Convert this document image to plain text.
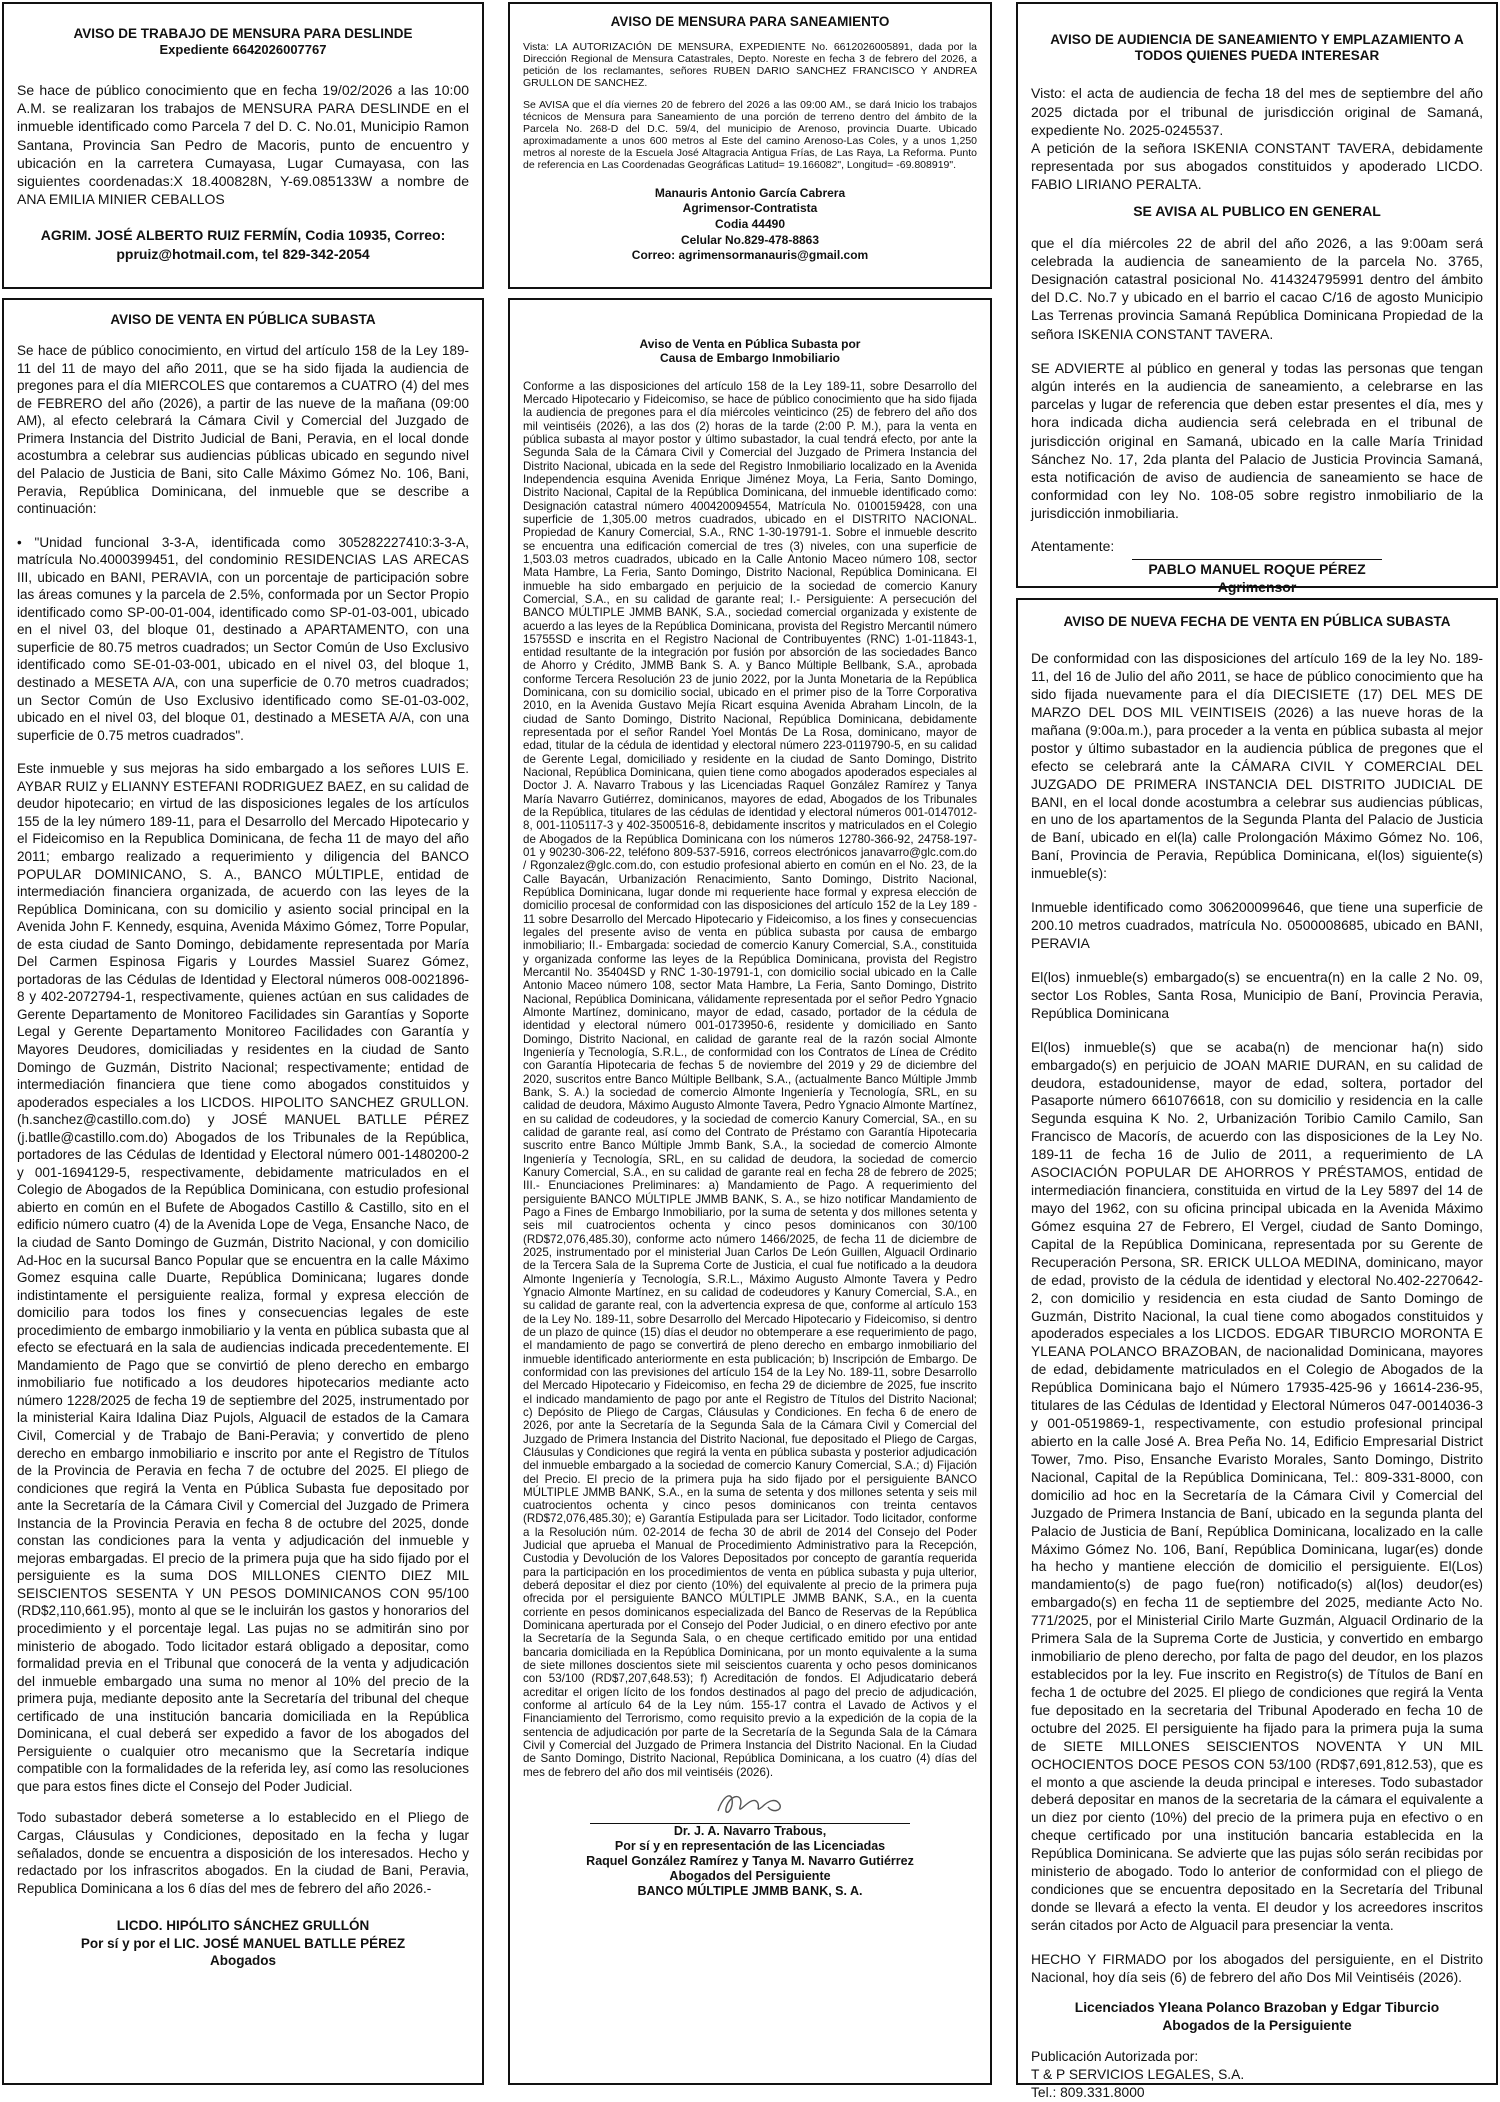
AVISO DE TRABAJO DE MENSURA PARA DESLINDE
Expediente 6642026007767

Se hace de público conocimiento que en fecha 19/02/2026 a las 10:00 A.M. se realizaran los trabajos de MENSURA PARA DESLINDE en el inmueble identificado como Parcela 7 del D. C. No.01, Municipio Ramon Santana, Provincia San Pedro de Macoris, punto de encuentro y ubicación en la carretera Cumayasa, Lugar Cumayasa, con las siguientes coordenadas:X 18.400828N, Y-69.085133W a nombre de ANA EMILIA MINIER CEBALLOS

AGRIM. JOSÉ ALBERTO RUIZ FERMÍN, Codia 10935, Correo:
ppruiz@hotmail.com, tel 829-342-2054
AVISO DE MENSURA PARA SANEAMIENTO

Vista: LA AUTORIZACIÓN DE MENSURA, EXPEDIENTE No. 6612026005891, dada por la Dirección Regional de Mensura Catastrales, Depto. Noreste en fecha 3 de febrero del 2026, a petición de los reclamantes, señores RUBEN DARIO SANCHEZ FRANCISCO Y ANDREA GRULLON DE SANCHEZ.

Se AVISA que el día viernes 20 de febrero del 2026 a las 09:00 AM., se dará Inicio los trabajos técnicos de Mensura para Saneamiento de una porción de terreno dentro del ámbito de la Parcela No. 268-D del D.C. 59/4, del municipio de Arenoso, provincia Duarte. Ubicado aproximadamente a unos 600 metros al Este del camino Arenoso-Las Coles, y a unos 1,250 metros al noreste de la Escuela José Altagracia Antigua Frías, de Las Raya, La Reforma. Punto de referencia en Las Coordenadas Geográficas Latitud= 19.166082", Longitud= -69.808919".

Manauris Antonio García Cabrera
Agrimensor-Contratista
Codia 44490
Celular No.829-478-8863
Correo: agrimensormanauris@gmail.com
AVISO DE AUDIENCIA DE SANEAMIENTO Y EMPLAZAMIENTO A TODOS QUIENES PUEDA INTERESAR

Visto: el acta de audiencia de fecha 18 del mes de septiembre del año 2025 dictada por el tribunal de jurisdicción original de Samaná, expediente No. 2025-0245537.

A petición de la señora ISKENIA CONSTANT TAVERA, debidamente representada por sus abogados constituidos y apoderado LICDO. FABIO LIRIANO PERALTA.

SE AVISA AL PUBLICO EN GENERAL

que el día miércoles 22 de abril del año 2026, a las 9:00am será celebrada la audiencia de saneamiento de la parcela No. 3765, Designación catastral posicional No. 414324795991 dentro del ámbito del D.C. No.7 y ubicado en el barrio el cacao C/16 de agosto Municipio Las Terrenas provincia Samaná República Dominicana Propiedad de la señora ISKENIA CONSTANT TAVERA.

SE ADVIERTE al público en general y todas las personas que tengan algún interés en la audiencia de saneamiento, a celebrarse en las parcelas y lugar de referencia que deben estar presentes el día, mes y hora indicada dicha audiencia será celebrada en el tribunal de jurisdicción original en Samaná, ubicado en la calle María Trinidad Sánchez No. 17, 2da planta del Palacio de Justicia Provincia Samaná, esta notificación de aviso de audiencia de saneamiento se hace de conformidad con ley No. 108-05 sobre registro inmobiliario de la jurisdicción inmobiliaria.

Atentamente:

PABLO MANUEL ROQUE PÉREZ
Agrimensor
AVISO DE VENTA EN PÚBLICA SUBASTA

Se hace de público conocimiento, en virtud del artículo 158 de la Ley 189-11 del 11 de mayo del año 2011, que se ha sido fijada la audiencia de pregones para el día MIERCOLES que contaremos a CUATRO (4) del mes de FEBRERO del año (2026), a partir de las nueve de la mañana (09:00 AM), al efecto celebrará la Cámara Civil y Comercial del Juzgado de Primera Instancia del Distrito Judicial de Bani, Peravia, en el local donde acostumbra a celebrar sus audiencias públicas ubicado en segundo nivel del Palacio de Justicia de Bani, sito Calle Máximo Gómez No. 106, Bani, Peravia, República Dominicana, del inmueble que se describe a continuación:

• "Unidad funcional 3-3-A, identificada como 305282227410:3-3-A, matrícula No.4000399451, del condominio RESIDENCIAS LAS ARECAS III, ubicado en BANI, PERAVIA, con un porcentaje de participación sobre las áreas comunes y la parcela de 2.5%, conformada por un Sector Propio identificado como SP-00-01-004, identificado como SP-01-03-001, ubicado en el nivel 03, del bloque 01, destinado a APARTAMENTO, con una superficie de 80.75 metros cuadrados; un Sector Común de Uso Exclusivo identificado como SE-01-03-001, ubicado en el nivel 03, del bloque 1, destinado a MESETA A/A, con una superficie de 0.70 metros cuadrados; un Sector Común de Uso Exclusivo identificado como SE-01-03-002, ubicado en el nivel 03, del bloque 01, destinado a MESETA A/A, con una superficie de 0.75 metros cuadrados".

Este inmueble y sus mejoras ha sido embargado a los señores LUIS E. AYBAR RUIZ y ELIANNY ESTEFANI RODRIGUEZ BAEZ, en su calidad de deudor hipotecario; en virtud de las disposiciones legales de los artículos 155 de la ley número 189-11, para el Desarrollo del Mercado Hipotecario y el Fideicomiso en la Republica Dominicana, de fecha 11 de mayo del año 2011; embargo realizado a requerimiento y diligencia del BANCO POPULAR DOMINICANO, S. A., BANCO MÚLTIPLE, entidad de intermediación financiera organizada, de acuerdo con las leyes de la República Dominicana, con su domicilio y asiento social principal en la Avenida John F. Kennedy, esquina, Avenida Máximo Gómez, Torre Popular, de esta ciudad de Santo Domingo, debidamente representada por María Del Carmen Espinosa Figaris y Lourdes Massiel Suarez Gómez, portadoras de las Cédulas de Identidad y Electoral números 008-0021896-8 y 402-2072794-1, respectivamente, quienes actúan en sus calidades de Gerente Departamento de Monitoreo Facilidades sin Garantías y Soporte Legal y Gerente Departamento Monitoreo Facilidades con Garantía y Mayores Deudores, domiciliadas y residentes en la ciudad de Santo Domingo de Guzmán, Distrito Nacional; respectivamente; entidad de intermediación financiera que tiene como abogados constituidos y apoderados especiales a los LICDOS. HIPOLITO SANCHEZ GRULLON. (h.sanchez@castillo.com.do) y JOSÉ MANUEL BATLLE PÉREZ (j.batlle@castillo.com.do) Abogados de los Tribunales de la República, portadores de las Cédulas de Identidad y Electoral número 001-1480200-2 y 001-1694129-5, respectivamente, debidamente matriculados en el Colegio de Abogados de la República Dominicana, con estudio profesional abierto en común en el Bufete de Abogados Castillo & Castillo, sito en el edificio número cuatro (4) de la Avenida Lope de Vega, Ensanche Naco, de la ciudad de Santo Domingo de Guzmán, Distrito Nacional, y con domicilio Ad-Hoc en la sucursal Banco Popular que se encuentra en la calle Máximo Gomez esquina calle Duarte, República Dominicana; lugares donde indistintamente el persiguiente realiza, formal y expresa elección de domicilio para todos los fines y consecuencias legales de este procedimiento de embargo inmobiliario y la venta en pública subasta que al efecto se efectuará en la sala de audiencias indicada precedentemente. El Mandamiento de Pago que se convirtió de pleno derecho en embargo inmobiliario fue notificado a los deudores hipotecarios mediante acto número 1228/2025 de fecha 19 de septiembre del 2025, instrumentado por la ministerial Kaira Idalina Diaz Pujols, Alguacil de estados de la Camara Civil, Comercial y de Trabajo de Bani-Peravia; y convertido de pleno derecho en embargo inmobiliario e inscrito por ante el Registro de Títulos de la Provincia de Peravia en fecha 7 de octubre del 2025. El pliego de condiciones que regirá la Venta en Pública Subasta fue depositado por ante la Secretaría de la Cámara Civil y Comercial del Juzgado de Primera Instancia de la Provincia Peravia en fecha 8 de octubre del 2025, donde constan las condiciones para la venta y adjudicación del inmueble y mejoras embargadas. El precio de la primera puja que ha sido fijado por el persiguiente es la suma DOS MILLONES CIENTO DIEZ MIL SEISCIENTOS SESENTA Y UN PESOS DOMINICANOS CON 95/100 (RD$2,110,661.95), monto al que se le incluirán los gastos y honorarios del procedimiento y el porcentaje legal. Las pujas no se admitirán sino por ministerio de abogado. Todo licitador estará obligado a depositar, como formalidad previa en el Tribunal que conocerá de la venta y adjudicación del inmueble embargado una suma no menor al 10% del precio de la primera puja, mediante deposito ante la Secretaría del tribunal del cheque certificado de una institución bancaria domiciliada en la República Dominicana, el cual deberá ser expedido a favor de los abogados del Persiguiente o cualquier otro mecanismo que la Secretaría indique compatible con la formalidades de la referida ley, así como las resoluciones que para estos fines dicte el Consejo del Poder Judicial.

Todo subastador deberá someterse a lo establecido en el Pliego de Cargas, Cláusulas y Condiciones, depositado en la fecha y lugar señalados, donde se encuentra a disposición de los interesados. Hecho y redactado por los infrascritos abogados. En la ciudad de Bani, Peravia, Republica Dominicana a los 6 días del mes de febrero del año 2026.-

LICDO. HIPÓLITO SÁNCHEZ GRULLÓN
Por sí y por el LIC. JOSÉ MANUEL BATLLE PÉREZ
Abogados
Aviso de Venta en Pública Subasta por
Causa de Embargo Inmobiliario

Conforme a las disposiciones del artículo 158 de la Ley 189-11, sobre Desarrollo del Mercado Hipotecario y Fideicomiso, se hace de público conocimiento que ha sido fijada la audiencia de pregones para el día miércoles veinticinco (25) de febrero del año dos mil veintiséis (2026), a las dos (2) horas de la tarde (2:00 P. M.), para la venta en pública subasta al mayor postor y último subastador, la cual tendrá efecto, por ante la Segunda Sala de la Cámara Civil y Comercial del Juzgado de Primera Instancia del Distrito Nacional, ubicada en la sede del Registro Inmobiliario localizado en la Avenida Independencia esquina Avenida Enrique Jiménez Moya, La Feria, Santo Domingo, Distrito Nacional, Capital de la República Dominicana, del inmueble identificado como: Designación catastral número 400420094554, Matrícula No. 0100159428, con una superficie de 1,305.00 metros cuadrados, ubicado en el DISTRITO NACIONAL. Propiedad de Kanury Comercial, S.A., RNC 1-30-19791-1. Sobre el inmueble descrito se encuentra una edificación comercial de tres (3) niveles, con una superficie de 1,503.03 metros cuadrados, ubicado en la Calle Antonio Maceo número 108, sector Mata Hambre, La Feria, Santo Domingo, Distrito Nacional, República Dominicana. El inmueble ha sido embargado en perjuicio de la sociedad de comercio Kanury Comercial, S.A., en su calidad de garante real; I.- Persiguiente: A persecución del BANCO MÚLTIPLE JMMB BANK, S.A., sociedad comercial organizada y existente de acuerdo a las leyes de la República Dominicana, provista del Registro Mercantil número 15755SD e inscrita en el Registro Nacional de Contribuyentes (RNC) 1-01-11843-1, entidad resultante de la integración por fusión por absorción de las sociedades Banco de Ahorro y Crédito, JMMB Bank S. A. y Banco Múltiple Bellbank, S.A., aprobada conforme Tercera Resolución 23 de junio 2022, por la Junta Monetaria de la República Dominicana, con su domicilio social, ubicado en el primer piso de la Torre Corporativa 2010, en la Avenida Gustavo Mejía Ricart esquina Avenida Abraham Lincoln, de la ciudad de Santo Domingo, Distrito Nacional, República Dominicana, debidamente representada por el señor Randel Yoel Montás De La Rosa, dominicano, mayor de edad, titular de la cédula de identidad y electoral número 223-0119790-5, en su calidad de Gerente Legal, domiciliado y residente en la ciudad de Santo Domingo, Distrito Nacional, República Dominicana, quien tiene como abogados apoderados especiales al Doctor J. A. Navarro Trabous y las Licenciadas Raquel González Ramírez y Tanya María Navarro Gutiérrez, dominicanos, mayores de edad, Abogados de los Tribunales de la República, titulares de las cédulas de identidad y electoral números 001-0147012-8, 001-1105117-3 y 402-3500516-8, debidamente inscritos y matriculados en el Colegio de Abogados de la República Dominicana con los números 12780-366-92, 24758-197-01 y 90230-306-22, teléfono 809-537-5916, correos electrónicos janavarro@glc.com.do / Rgonzalez@glc.com.do, con estudio profesional abierto en común en el No. 23, de la Calle Bayacán, Urbanización Renacimiento, Santo Domingo, Distrito Nacional, República Dominicana, lugar donde mi requeriente hace formal y expresa elección de domicilio procesal de conformidad con las disposiciones del artículo 152 de la Ley 189 - 11 sobre Desarrollo del Mercado Hipotecario y Fideicomiso, a los fines y consecuencias legales del presente aviso de venta en pública subasta por causa de embargo inmobiliario; II.- Embargada: sociedad de comercio Kanury Comercial, S.A., constituida y organizada conforme las leyes de la República Dominicana, provista del Registro Mercantil No. 35404SD y RNC 1-30-19791-1, con domicilio social ubicado en la Calle Antonio Maceo número 108, sector Mata Hambre, La Feria, Santo Domingo, Distrito Nacional, República Dominicana, válidamente representada por el señor Pedro Ygnacio Almonte Martínez, dominicano, mayor de edad, casado, portador de la cédula de identidad y electoral número 001-0173950-6, residente y domiciliado en Santo Domingo, Distrito Nacional, en calidad de garante real de la razón social Almonte Ingeniería y Tecnología, S.R.L., de conformidad con los Contratos de Línea de Crédito con Garantía Hipotecaria de fechas 5 de noviembre del 2019 y 29 de diciembre del 2020, suscritos entre Banco Múltiple Bellbank, S.A., (actualmente Banco Múltiple Jmmb Bank, S. A.) la sociedad de comercio Almonte Ingeniería y Tecnología, SRL, en su calidad de deudora, Máximo Augusto Almonte Tavera, Pedro Ygnacio Almonte Martínez, en su calidad de codeudores, y la sociedad de comercio Kanury Comercial, SA., en su calidad de garante real, así como del Contrato de Préstamo con Garantía Hipotecaria suscrito entre Banco Múltiple Jmmb Bank, S.A., la sociedad de comercio Almonte Ingeniería y Tecnología, SRL, en su calidad de deudora, la sociedad de comercio Kanury Comercial, S.A., en su calidad de garante real en fecha 28 de febrero de 2025; III.- Enunciaciones Preliminares: a) Mandamiento de Pago. A requerimiento del persiguiente BANCO MÚLTIPLE JMMB BANK, S. A., se hizo notificar Mandamiento de Pago a Fines de Embargo Inmobiliario, por la suma de setenta y dos millones setenta y seis mil cuatrocientos ochenta y cinco pesos dominicanos con 30/100 (RD$72,076,485.30), conforme acto número 1466/2025, de fecha 11 de diciembre de 2025, instrumentado por el ministerial Juan Carlos De León Guillen, Alguacil Ordinario de la Tercera Sala de la Suprema Corte de Justicia, el cual fue notificado a la deudora Almonte Ingeniería y Tecnología, S.R.L., Máximo Augusto Almonte Tavera y Pedro Ygnacio Almonte Martínez, en su calidad de codeudores y Kanury Comercial, S.A., en su calidad de garante real, con la advertencia expresa de que, conforme al artículo 153 de la Ley No. 189-11, sobre Desarrollo del Mercado Hipotecario y Fideicomiso, si dentro de un plazo de quince (15) días el deudor no obtemperare a ese requerimiento de pago, el mandamiento de pago se convertirá de pleno derecho en embargo inmobiliario del inmueble identificado anteriormente en esta publicación; b) Inscripción de Embargo. De conformidad con las previsiones del artículo 154 de la Ley No. 189-11, sobre Desarrollo del Mercado Hipotecario y Fideicomiso, en fecha 29 de diciembre de 2025, fue inscrito el indicado mandamiento de pago por ante el Registro de Títulos del Distrito Nacional; c) Depósito de Pliego de Cargas, Cláusulas y Condiciones. En fecha 6 de enero de 2026, por ante la Secretaría de la Segunda Sala de la Cámara Civil y Comercial del Juzgado de Primera Instancia del Distrito Nacional, fue depositado el Pliego de Cargas, Cláusulas y Condiciones que regirá la venta en pública subasta y posterior adjudicación del inmueble embargado a la sociedad de comercio Kanury Comercial, S.A.; d) Fijación del Precio. El precio de la primera puja ha sido fijado por el persiguiente BANCO MÚLTIPLE JMMB BANK, S.A., en la suma de setenta y dos millones setenta y seis mil cuatrocientos ochenta y cinco pesos dominicanos con treinta centavos (RD$72,076,485.30); e) Garantía Estipulada para ser Licitador. Todo licitador, conforme a la Resolución núm. 02-2014 de fecha 30 de abril de 2014 del Consejo del Poder Judicial que aprueba el Manual de Procedimiento Administrativo para la Recepción, Custodia y Devolución de los Valores Depositados por concepto de garantía requerida para la participación en los procedimientos de venta en pública subasta y puja ulterior, deberá depositar el diez por ciento (10%) del equivalente al precio de la primera puja ofrecida por el persiguiente BANCO MÚLTIPLE JMMB BANK, S.A., en la cuenta corriente en pesos dominicanos especializada del Banco de Reservas de la República Dominicana aperturada por el Consejo del Poder Judicial, o en dinero efectivo por ante la Secretaría de la Segunda Sala, o en cheque certificado emitido por una entidad bancaria domiciliada en la República Dominicana, por un monto equivalente a la suma de siete millones doscientos siete mil seiscientos cuarenta y ocho pesos dominicanos con 53/100 (RD$7,207,648.53); f) Acreditación de fondos. El Adjudicatario deberá acreditar el origen lícito de los fondos destinados al pago del precio de adjudicación, conforme al artículo 64 de la Ley núm. 155-17 contra el Lavado de Activos y el Financiamiento del Terrorismo, como requisito previo a la expedición de la copia de la sentencia de adjudicación por parte de la Secretaría de la Segunda Sala de la Cámara Civil y Comercial del Juzgado de Primera Instancia del Distrito Nacional. En la Ciudad de Santo Domingo, Distrito Nacional, República Dominicana, a los cuatro (4) días del mes de febrero del año dos mil veintiséis (2026).

Dr. J. A. Navarro Trabous,
Por sí y en representación de las Licenciadas
Raquel González Ramírez y Tanya M. Navarro Gutiérrez
Abogados del Persiguiente
BANCO MÚLTIPLE JMMB BANK, S. A.
AVISO DE NUEVA FECHA DE VENTA EN PÚBLICA SUBASTA

De conformidad con las disposiciones del artículo 169 de la ley No. 189-11, del 16 de Julio del año 2011, se hace de público conocimiento que ha sido fijada nuevamente para el día DIECISIETE (17) DEL MES DE MARZO DEL DOS MIL VEINTISEIS (2026) a las nueve horas de la mañana (9:00a.m.), para proceder a la venta en pública subasta al mejor postor y último subastador en la audiencia pública de pregones que el efecto se celebrará ante la CÁMARA CIVIL Y COMERCIAL DEL JUZGADO DE PRIMERA INSTANCIA DEL DISTRITO JUDICIAL DE BANI, en el local donde acostumbra a celebrar sus audiencias públicas, en uno de los apartamentos de la Segunda Planta del Palacio de Justicia de Baní, ubicado en el(la) calle Prolongación Máximo Gómez No. 106, Baní, Provincia de Peravia, República Dominicana, el(los) siguiente(s) inmueble(s):

Inmueble identificado como 306200099646, que tiene una superficie de 200.10 metros cuadrados, matrícula No. 0500008685, ubicado en BANI, PERAVIA

El(los) inmueble(s) embargado(s) se encuentra(n) en la calle 2 No. 09, sector Los Robles, Santa Rosa, Municipio de Baní, Provincia Peravia, República Dominicana

El(los) inmueble(s) que se acaba(n) de mencionar ha(n) sido embargado(s) en perjuicio de JOAN MARIE DURAN, en su calidad de deudora, estadounidense, mayor de edad, soltera, portador del Pasaporte número 661076618, con su domicilio y residencia en la calle Segunda esquina K No. 2, Urbanización Toribio Camilo Camilo, San Francisco de Macorís, de acuerdo con las disposiciones de la Ley No. 189-11 de fecha 16 de Julio de 2011, a requerimiento de LA ASOCIACIÓN POPULAR DE AHORROS Y PRÉSTAMOS, entidad de intermediación financiera, constituida en virtud de la Ley 5897 del 14 de mayo del 1962, con su oficina principal ubicada en la Avenida Máximo Gómez esquina 27 de Febrero, El Vergel, ciudad de Santo Domingo, Capital de la República Dominicana, representada por su Gerente de Recuperación Persona, SR. ERICK ULLOA MEDINA, dominicano, mayor de edad, provisto de la cédula de identidad y electoral No.402-2270642-2, con domicilio y residencia en esta ciudad de Santo Domingo de Guzmán, Distrito Nacional, la cual tiene como abogados constituidos y apoderados especiales a los LICDOS. EDGAR TIBURCIO MORONTA E YLEANA POLANCO BRAZOBAN, de nacionalidad Dominicana, mayores de edad, debidamente matriculados en el Colegio de Abogados de la República Dominicana bajo el Número 17935-425-96 y 16614-236-95, titulares de las Cédulas de Identidad y Electoral Números 047-0014036-3 y 001-0519869-1, respectivamente, con estudio profesional principal abierto en la calle José A. Brea Peña No. 14, Edificio Empresarial District Tower, 7mo. Piso, Ensanche Evaristo Morales, Santo Domingo, Distrito Nacional, Capital de la República Dominicana, Tel.: 809-331-8000, con domicilio ad hoc en la Secretaría de la Cámara Civil y Comercial del Juzgado de Primera Instancia de Baní, ubicado en la segunda planta del Palacio de Justicia de Baní, República Dominicana, localizado en la calle Máximo Gómez No. 106, Baní, República Dominicana, lugar(es) donde ha hecho y mantiene elección de domicilio el persiguiente. El(Los) mandamiento(s) de pago fue(ron) notificado(s) al(los) deudor(es) embargado(s) en fecha 11 de septiembre del 2025, mediante Acto No. 771/2025, por el Ministerial Cirilo Marte Guzmán, Alguacil Ordinario de la Primera Sala de la Suprema Corte de Justicia, y convertido en embargo inmobiliario de pleno derecho, por falta de pago del deudor, en los plazos establecidos por la ley. Fue inscrito en Registro(s) de Títulos de Baní en fecha 1 de octubre del 2025. El pliego de condiciones que regirá la Venta fue depositado en la secretaria del Tribunal Apoderado en fecha 10 de octubre del 2025. El persiguiente ha fijado para la primera puja la suma de SIETE MILLONES SEISCIENTOS NOVENTA Y UN MIL OCHOCIENTOS DOCE PESOS CON 53/100 (RD$7,691,812.53), que es el monto a que asciende la deuda principal e intereses. Todo subastador deberá depositar en manos de la secretaria de la cámara el equivalente a un diez por ciento (10%) del precio de la primera puja en efectivo o en cheque certificado por una institución bancaria establecida en la República Dominicana. Se advierte que las pujas sólo serán recibidas por ministerio de abogado. Todo lo anterior de conformidad con el pliego de condiciones que se encuentra depositado en la Secretaría del Tribunal donde se llevará a efecto la venta. El deudor y los acreedores inscritos serán citados por Acto de Alguacil para presenciar la venta.

HECHO Y FIRMADO por los abogados del persiguiente, en el Distrito Nacional, hoy día seis (6) de febrero del año Dos Mil Veintiséis (2026).

Licenciados Yleana Polanco Brazoban y Edgar Tiburcio
Abogados de la Persiguiente
Publicación Autorizada por:
T & P SERVICIOS LEGALES, S.A.
Tel.: 809.331.8000
